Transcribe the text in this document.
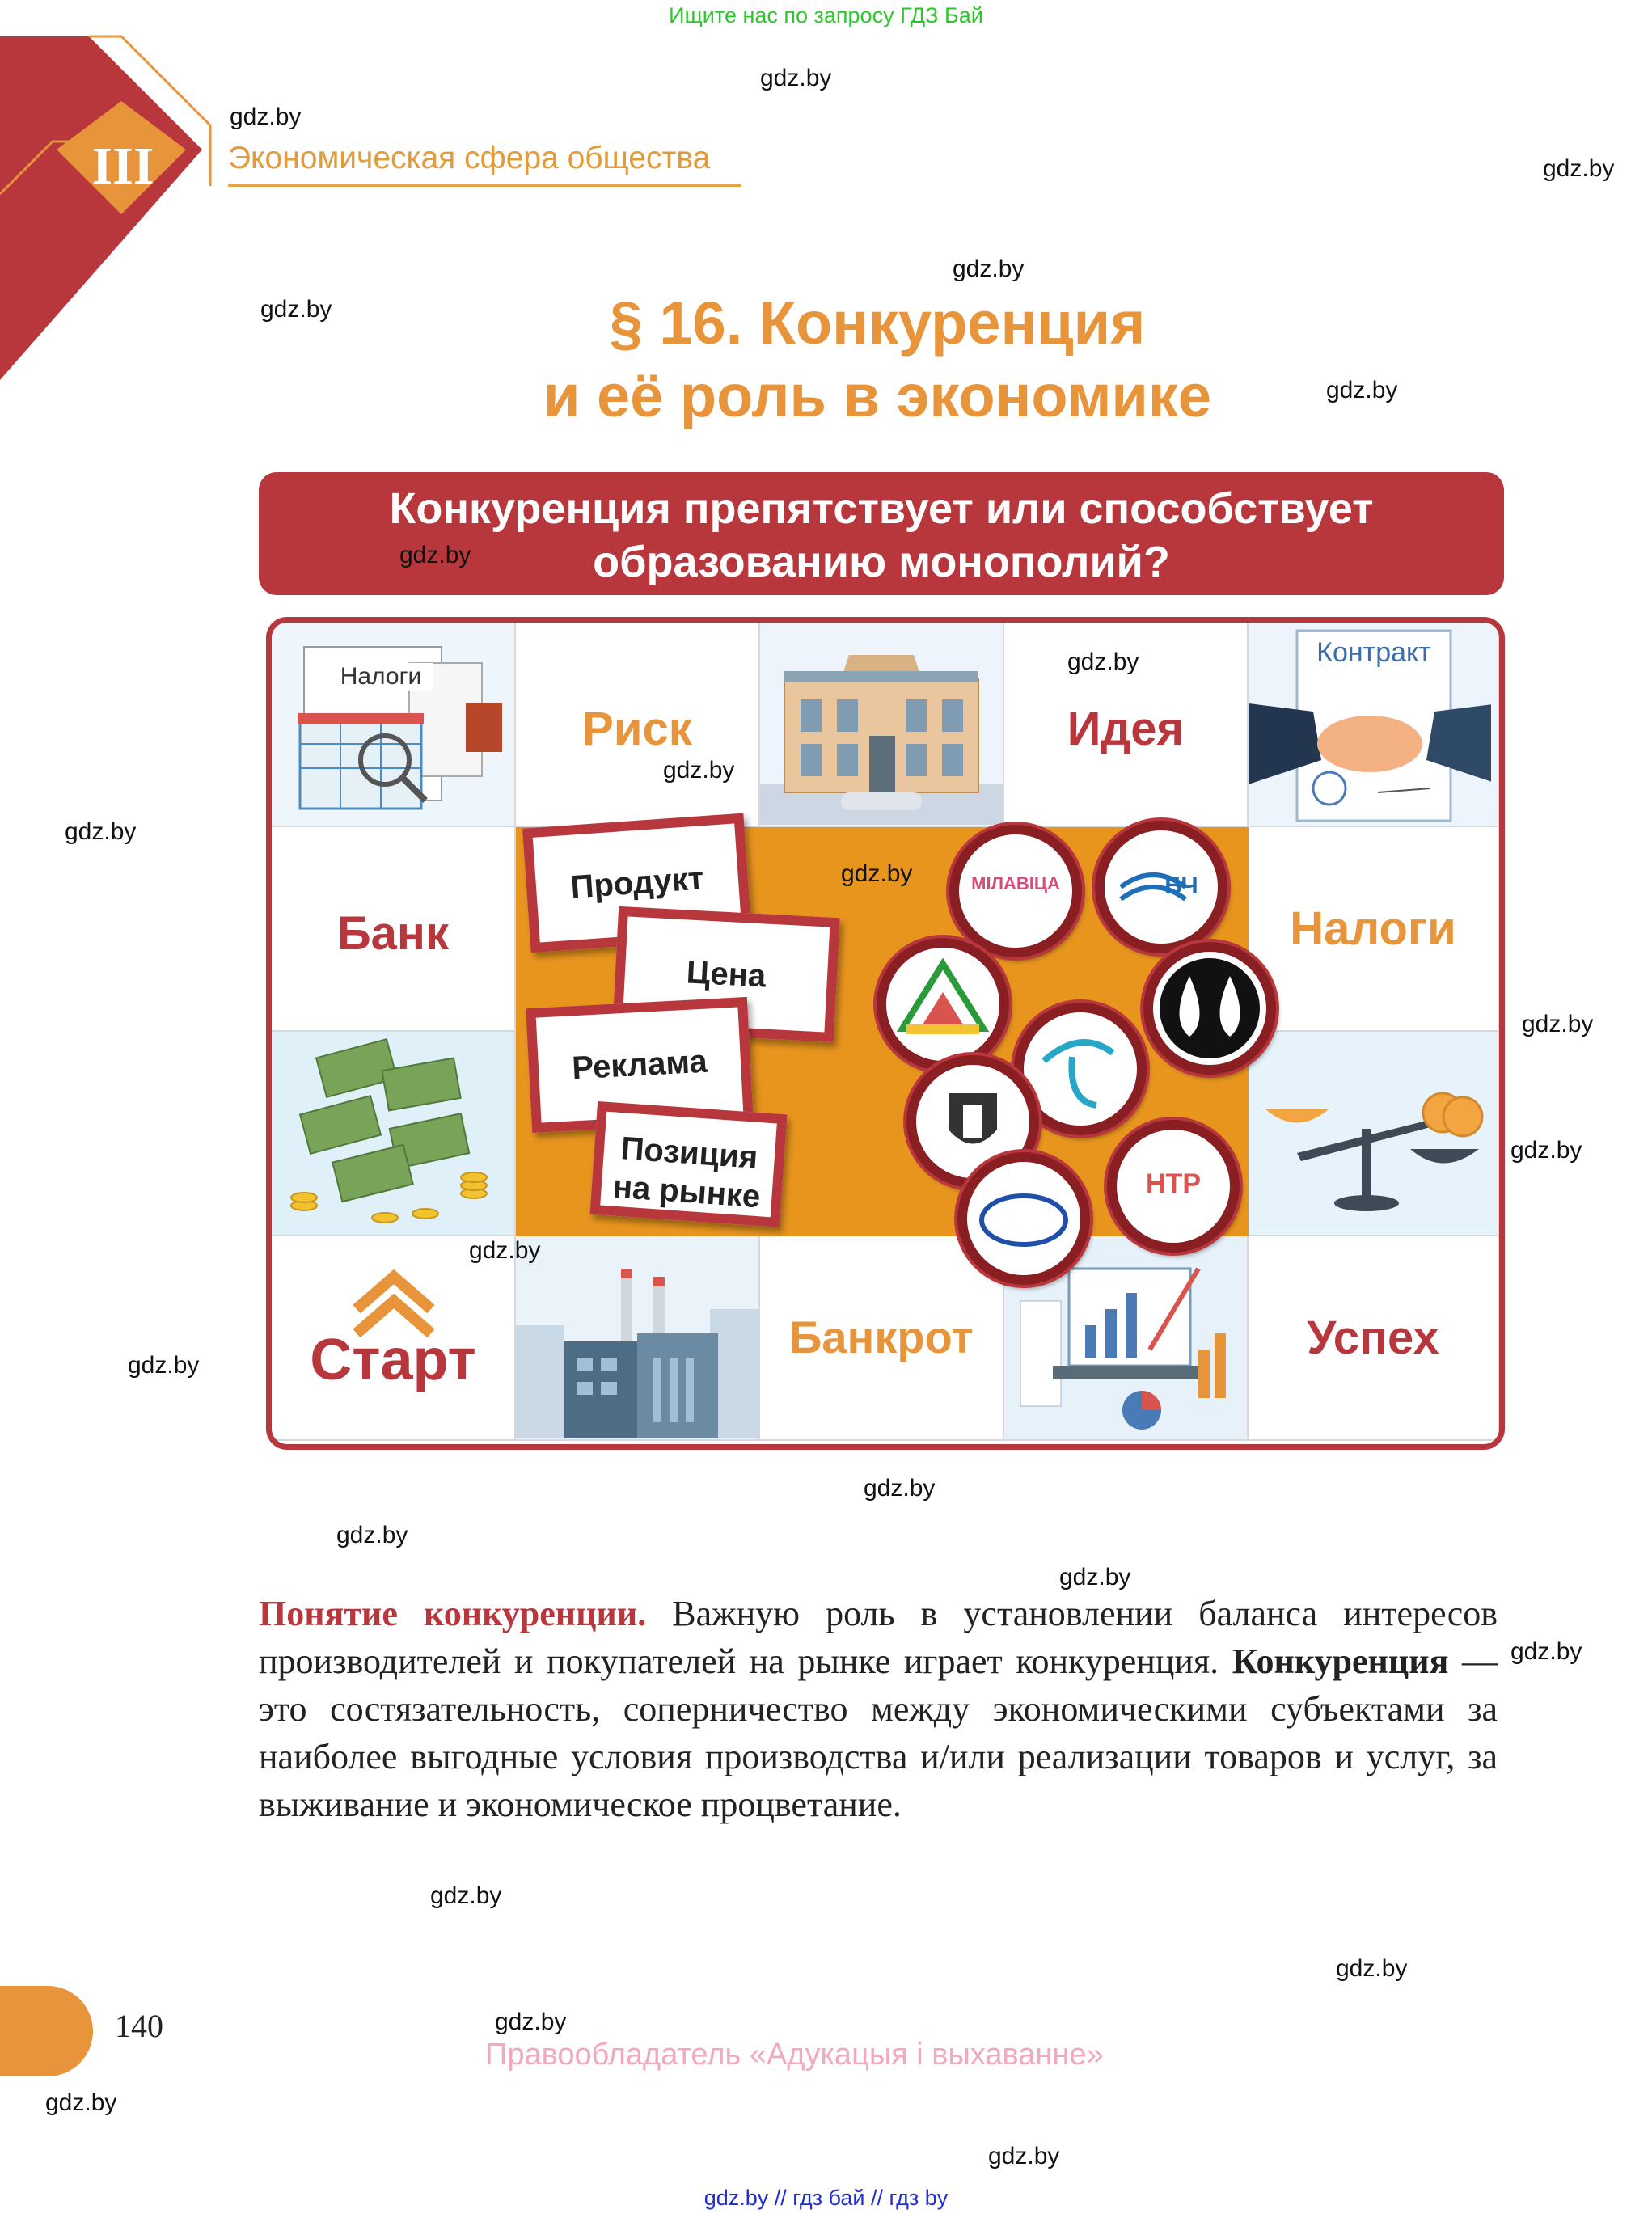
Ищите нас по запросу ГДЗ Бай
III	Экономическая сфера общества
§ 16. Конкуренция
и её роль в экономике
Конкуренция препятствует или способствует
образованию монополий?
Налоги
Риск	Идея
Контракт
Банк	Налоги
Старт	Банкрот	Успех
Продукт
Цена
Реклама
Позиция на рынке
МІЛАВІЦА	БЧ
НТР
Понятие конкуренции. Важную роль в установлении баланса интересов производителей и покупателей на рынке играет конкуренция. Конкуренция — это состязательность, соперничество между экономическими субъектами за наиболее выгодные условия производства и/или реализации товаров и услуг, за выживание и экономическое процветание.
140
Правообладатель «Адукацыя і выхаванне»
gdz.by // гдз бай // гдз by
gdz.by
gdz.by
gdz.by
gdz.by
gdz.by
gdz.by
gdz.by
gdz.by
gdz.by
gdz.by
gdz.by
gdz.by
gdz.by
gdz.by
gdz.by
gdz.by
gdz.by
gdz.by
gdz.by
gdz.by
gdz.by
gdz.by
gdz.by
gdz.by
